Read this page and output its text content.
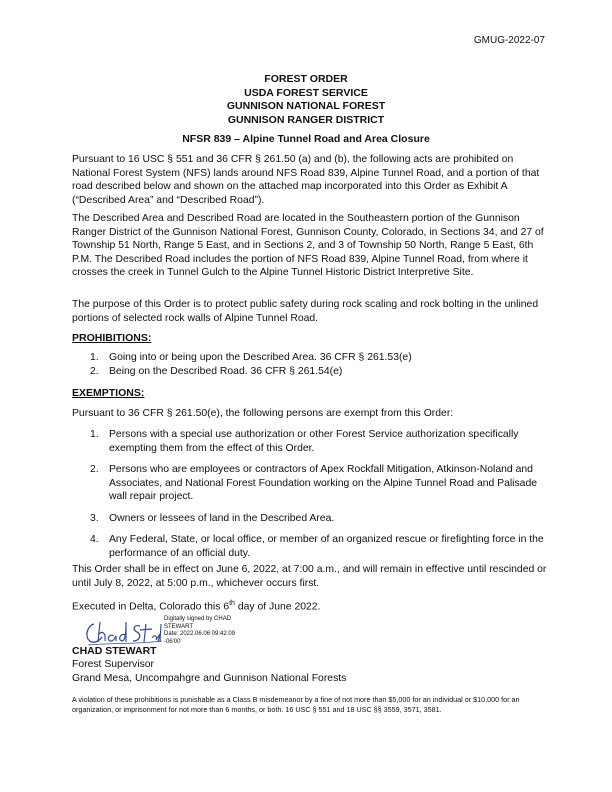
GMUG-2022-07
FOREST ORDER
USDA FOREST SERVICE
GUNNISON NATIONAL FOREST
GUNNISON RANGER DISTRICT
NFSR 839 – Alpine Tunnel Road and Area Closure
Pursuant to 16 USC § 551 and 36 CFR § 261.50 (a) and (b), the following acts are prohibited on National Forest System (NFS) lands around NFS Road 839, Alpine Tunnel Road, and a portion of that road described below and shown on the attached map incorporated into this Order as Exhibit A (“Described Area” and “Described Road”).
The Described Area and Described Road are located in the Southeastern portion of the Gunnison Ranger District of the Gunnison National Forest, Gunnison County, Colorado, in Sections 34, and 27 of Township 51 North, Range 5 East, and in Sections 2, and 3 of Township 50 North, Range 5 East, 6th P.M. The Described Road includes the portion of NFS Road 839, Alpine Tunnel Road, from where it crosses the creek in Tunnel Gulch to the Alpine Tunnel Historic District Interpretive Site.
The purpose of this Order is to protect public safety during rock scaling and rock bolting in the unlined portions of selected rock walls of Alpine Tunnel Road.
PROHIBITIONS:
1. Going into or being upon the Described Area. 36 CFR § 261.53(e)
2. Being on the Described Road. 36 CFR § 261.54(e)
EXEMPTIONS:
Pursuant to 36 CFR § 261.50(e), the following persons are exempt from this Order:
1. Persons with a special use authorization or other Forest Service authorization specifically exempting them from the effect of this Order.
2. Persons who are employees or contractors of Apex Rockfall Mitigation, Atkinson-Noland and Associates, and National Forest Foundation working on the Alpine Tunnel Road and Palisade wall repair project.
3. Owners or lessees of land in the Described Area.
4. Any Federal, State, or local office, or member of an organized rescue or firefighting force in the performance of an official duty.
This Order shall be in effect on June 6, 2022, at 7:00 a.m., and will remain in effective until rescinded or until July 8, 2022, at 5:00 p.m., whichever occurs first.
Executed in Delta, Colorado this 6th day of June 2022.
Digitally signed by CHAD
STEWART
Date: 2022.06.06 09:42:09
-06'00'
CHAD STEWART
Forest Supervisor
Grand Mesa, Uncompahgre and Gunnison National Forests
A violation of these prohibitions is punishable as a Class B misdemeanor by a fine of not more than $5,000 for an individual or $10,000 for an organization, or imprisonment for not more than 6 months, or both. 16 USC § 551 and 18 USC §§ 3559, 3571, 3581.
